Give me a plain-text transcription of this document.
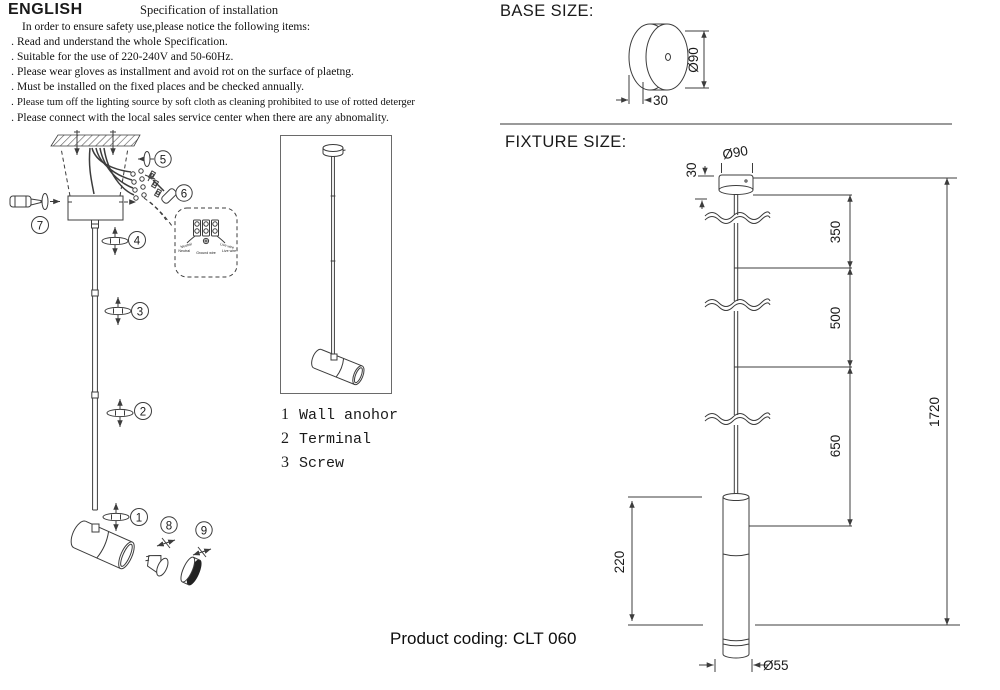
ENGLISH	Specification of installation
In order to ensure safety use,please notice the following items:
. Read and understand the whole Specification.
. Suitable for the use of 220-240V and 50-60Hz.
. Please wear gloves as installment and avoid rot on the surface of plaetng.
. Must be installed on the fixed places and be checked annually.
. Please tum off the lighting source by soft cloth as cleaning prohibited to use of rotted deterger
. Please connect with the local sales service center when there are any abnomality.
5
6
7
4
3
2
1
8 9
Neutral
Neutral Ground wire
Live wire
Live wire
1 Wall anohor
2 Terminal
3 Screw
BASE SIZE:
Ø90
30
FIXTURE SIZE:
Ø90
30
350
500
650
1720
220
Ø55
Product coding: CLT 060
